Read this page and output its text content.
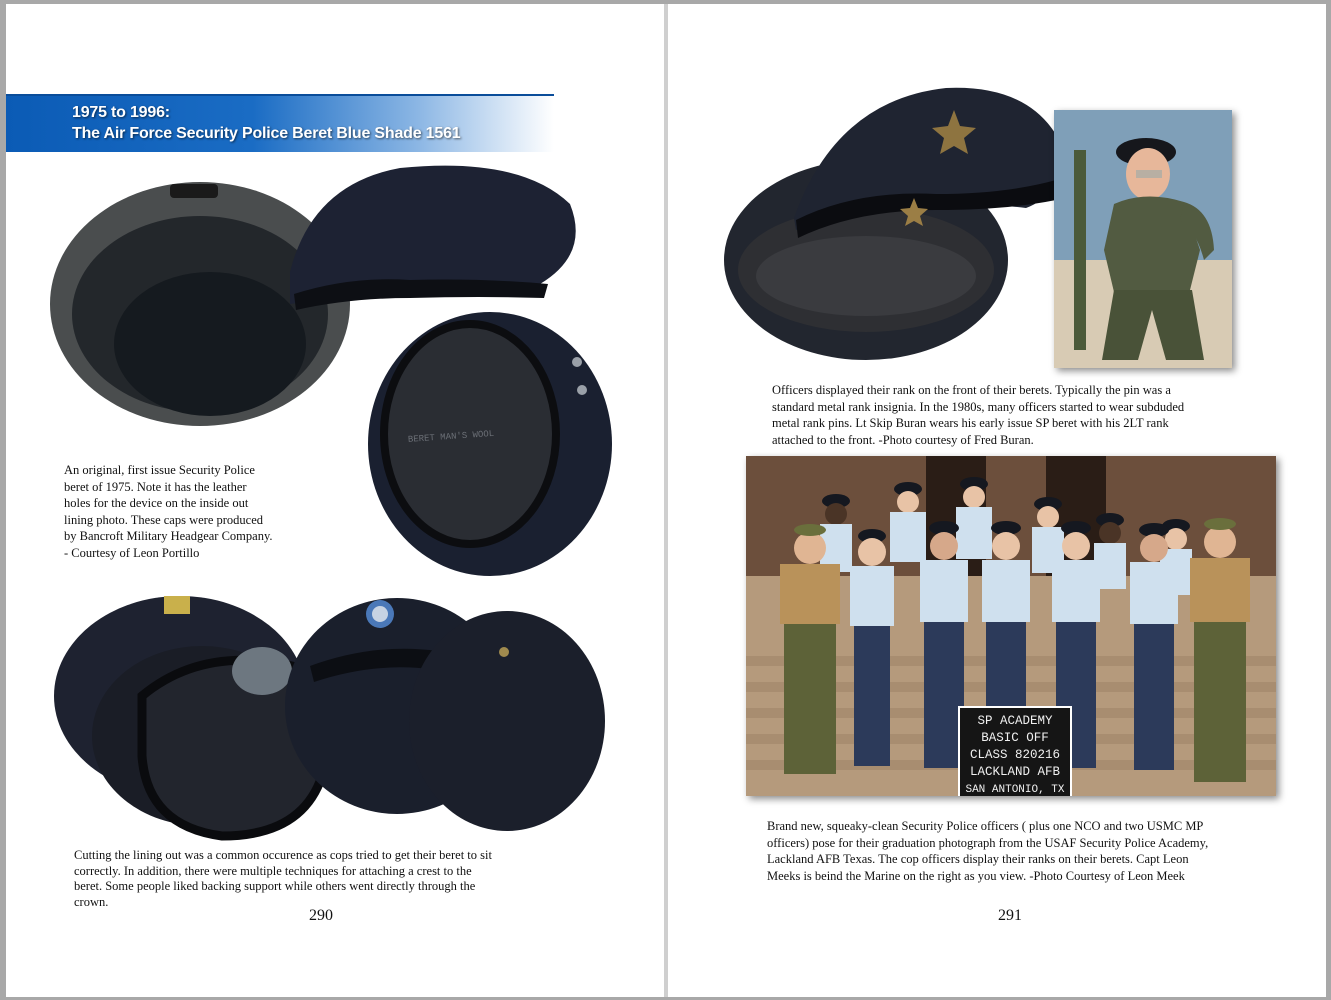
1975 to 1996:
The Air Force Security Police Beret Blue Shade 1561
BERET MAN'S WOOL
An original, first issue Security Police
beret of 1975. Note it has the leather
holes for the device on the inside out
lining photo. These caps were produced
by Bancroft Military Headgear Company.
- Courtesy of Leon Portillo
Cutting the lining out was a common occurence as cops tried to get their beret to sit
correctly. In addition, there were multiple techniques for attaching a crest to the
beret. Some people liked backing support while others went directly through the
crown.
290
Officers displayed their rank on the front of their berets. Typically the pin was a
standard metal rank insignia. In the 1980s, many officers started to wear subduded
metal rank pins. Lt Skip Buran wears his early issue SP beret with his 2LT rank
attached to the front. -Photo courtesy of Fred Buran.
SP ACADEMY
BASIC OFF
CLASS 820216
LACKLAND AFB
SAN ANTONIO, TX
Brand new, squeaky-clean Security Police officers ( plus one NCO and two USMC MP
officers) pose for their graduation photograph from the USAF Security Police Academy,
Lackland AFB Texas. The cop officers display their ranks on their berets. Capt Leon
Meeks is beind the Marine on the right as you view. -Photo Courtesy of Leon Meek
291
